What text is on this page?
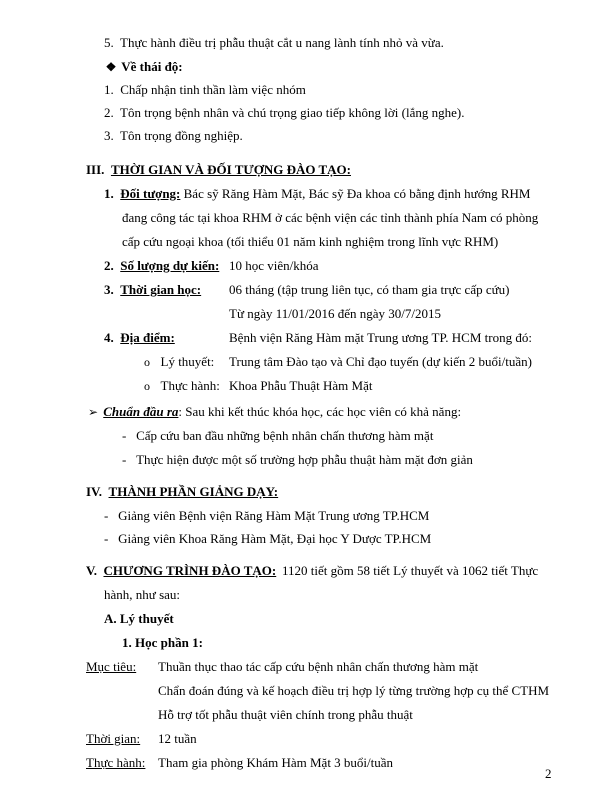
5. Thực hành điều trị phẫu thuật cắt u nang lành tính nhỏ và vừa.
❖ Về thái độ:
1. Chấp nhận tinh thần làm việc nhóm
2. Tôn trọng bệnh nhân và chú trọng giao tiếp không lời (lắng nghe).
3. Tôn trọng đồng nghiệp.
III. THỜI GIAN VÀ ĐỐI TƯỢNG ĐÀO TẠO:
1. Đối tượng: Bác sỹ Răng Hàm Mặt, Bác sỹ Đa khoa có bằng định hướng RHM
đang công tác tại khoa RHM ở các bệnh viện các tỉnh thành phía Nam có phòng
cấp cứu ngoại khoa (tối thiểu 01 năm kinh nghiệm trong lĩnh vực RHM)
2. Số lượng dự kiến: 10 học viên/khóa
3. Thời gian học: 06 tháng (tập trung liên tục, có tham gia trực cấp cứu)
Từ ngày 11/01/2016 đến ngày 30/7/2015
4. Địa điểm:	Bệnh viện Răng Hàm mặt Trung ương TP. HCM trong đó:
o Lý thuyết: Trung tâm Đào tạo và Chỉ đạo tuyến (dự kiến 2 buổi/tuần)
o Thực hành: Khoa Phẫu Thuật Hàm Mặt
➢ Chuẩn đầu ra: Sau khi kết thúc khóa học, các học viên có khả năng:
- Cấp cứu ban đầu những bệnh nhân chấn thương hàm mặt
- Thực hiện được một số trường hợp phẫu thuật hàm mặt đơn giản
IV. THÀNH PHẦN GIẢNG DẠY:
- Giảng viên Bệnh viện Răng Hàm Mặt Trung ương TP.HCM
- Giảng viên Khoa Răng Hàm Mặt, Đại học Y Dược TP.HCM
V. CHƯƠNG TRÌNH ĐÀO TẠO: 1120 tiết gồm 58 tiết Lý thuyết và 1062 tiết Thực
hành, như sau:
A. Lý thuyết
1. Học phần 1:
Mục tiêu: Thuần thục thao tác cấp cứu bệnh nhân chấn thương hàm mặt
Chẩn đoán đúng và kế hoạch điều trị hợp lý từng trường hợp cụ thể CTHM
Hỗ trợ tốt phẫu thuật viên chính trong phẫu thuật
Thời gian: 12 tuần
Thực hành: Tham gia phòng Khám Hàm Mặt 3 buổi/tuần
2
